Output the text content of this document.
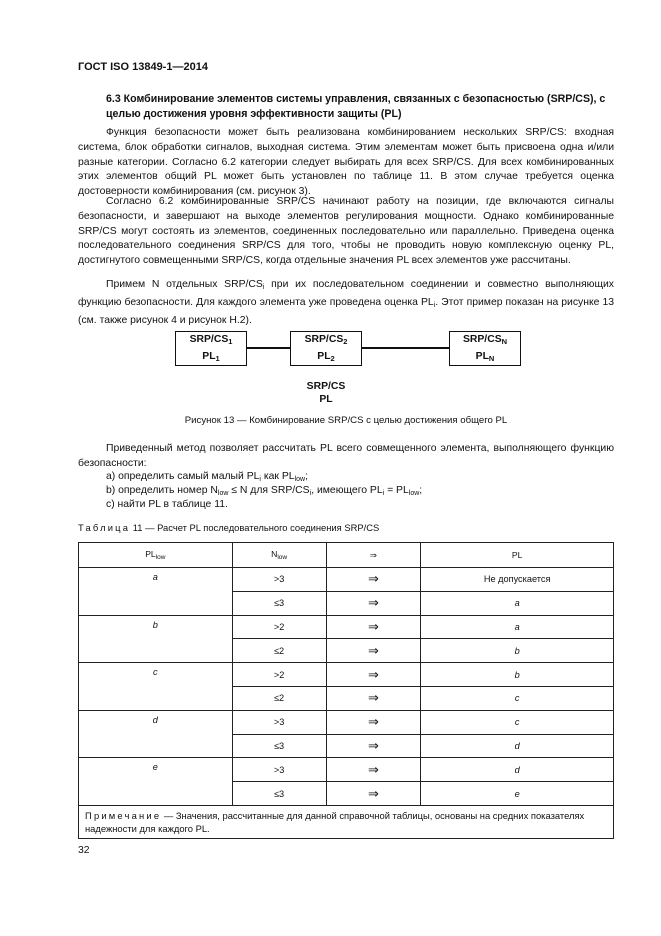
ГОСТ ISO 13849-1—2014
6.3 Комбинирование элементов системы управления, связанных с безопасностью (SRP/CS), с целью достижения уровня эффективности защиты (PL)
Функция безопасности может быть реализована комбинированием нескольких SRP/CS: входная система, блок обработки сигналов, выходная система. Этим элементам может быть присвоена одна и/или разные категории. Согласно 6.2 категории следует выбирать для всех SRP/CS. Для всех комбинированных этих элементов общий PL может быть установлен по таблице 11. В этом случае требуется оценка достоверности комбинирования (см. рисунок 3).
Согласно 6.2 комбинированные SRP/CS начинают работу на позиции, где включаются сигналы безопасности, и завершают на выходе элементов регулирования мощности. Однако комбинированные SRP/CS могут состоять из элементов, соединенных последовательно или параллельно. Приведена оценка последовательного соединения SRP/CS для того, чтобы не проводить новую комплексную оценку PL, достигнутого совмещенными SRP/CS, когда отдельные значения PL всех элементов уже рассчитаны.
Примем N отдельных SRP/$CS_i$ при их последовательном соединении и совместно выполняющих функцию безопасности. Для каждого элемента уже проведена оценка $PL_i$. Этот пример показан на рисунке 13 (см. также рисунок 4 и рисунок Н.2).
SRP/$CS_1$
$PL_1$
SRP/$CS_2$
$PL_2$
SRP/$CS_N$
$PL_N$
SRP/CS
PL
Рисунок 13 — Комбинирование SRP/CS с целью достижения общего PL
Приведенный метод позволяет рассчитать PL всего совмещенного элемента, выполняющего функцию безопасности:
а) определить самый малый $PL_i$ как $PL_{low}$;
b) определить номер $N_{low} \le N$ для SRP/$CS_i$, имеющего $PL_i = PL_{low}$;
с) найти PL в таблице 11.
Таблица 11 — Расчет PL последовательного соединения SRP/CS
$PL_{low}$	$N_{low}$	⇒	PL
a	>3	⇒	Не допускается
	≤3	⇒	a
b	>2	⇒	a
	≤2	⇒	b
c	>2	⇒	b
	≤2	⇒	c
d	>3	⇒	c
	≤3	⇒	d
e	>3	⇒	d
	≤3	⇒	e
Примечание — Значения, рассчитанные для данной справочной таблицы, основаны на средних показателях надежности для каждого PL.			
32
